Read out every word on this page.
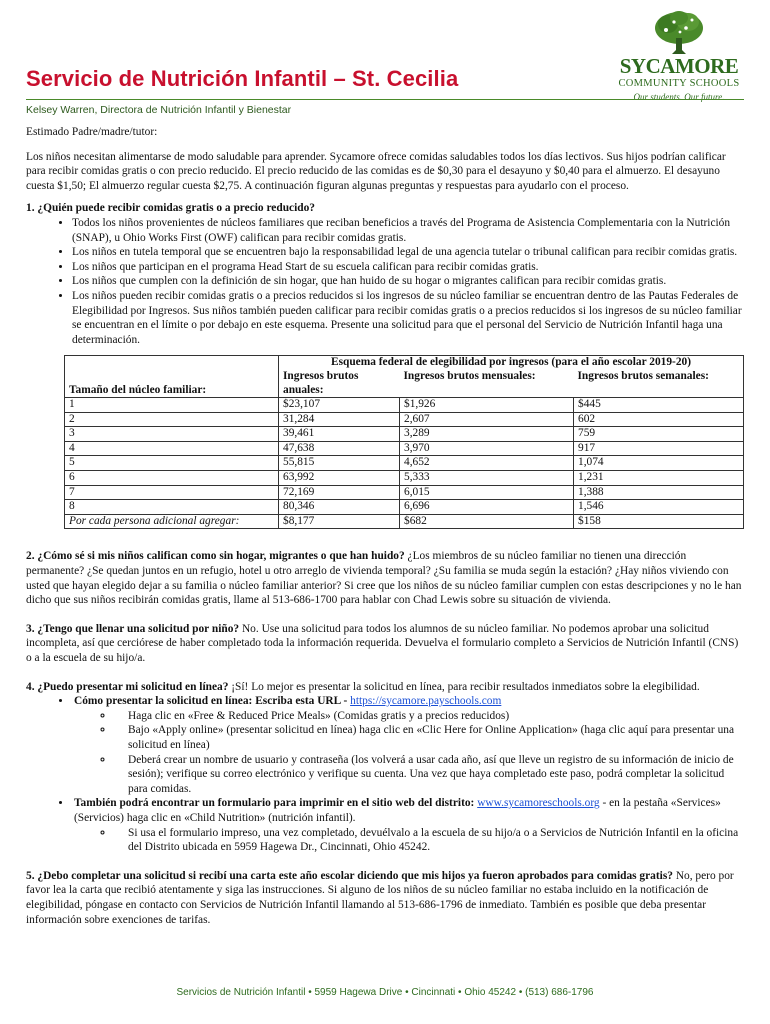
Servicio de Nutrición Infantil – St. Cecilia	SYCAMORE
COMMUNITY SCHOOLS
Our students. Our future.

Kelsey Warren, Directora de Nutrición Infantil y Bienestar

Estimado Padre/madre/tutor:

Los niños necesitan alimentarse de modo saludable para aprender. Sycamore ofrece comidas saludables todos los días lectivos. Sus hijos podrían calificar para recibir comidas gratis o con precio reducido. El precio reducido de las comidas es de $0,30 para el desayuno y $0,40 para el almuerzo. El desayuno cuesta $1,50; El almuerzo regular cuesta $2,75. A continuación figuran algunas preguntas y respuestas para ayudarlo con el proceso.

1. ¿Quién puede recibir comidas gratis o a precio reducido?

• Todos los niños provenientes de núcleos familiares que reciban beneficios a través del Programa de Asistencia Complementaria con la Nutrición (SNAP), u Ohio Works First (OWF) califican para recibir comidas gratis.
• Los niños en tutela temporal que se encuentren bajo la responsabilidad legal de una agencia tutelar o tribunal califican para recibir comidas gratis.
• Los niños que participan en el programa Head Start de su escuela califican para recibir comidas gratis.
• Los niños que cumplen con la definición de sin hogar, que han huido de su hogar o migrantes califican para recibir comidas gratis.
• Los niños pueden recibir comidas gratis o a precios reducidos si los ingresos de su núcleo familiar se encuentran dentro de las Pautas Federales de Elegibilidad por Ingresos. Sus niños también pueden calificar para recibir comidas gratis o a precios reducidos si los ingresos de su núcleo familiar se encuentran en el límite o por debajo en este esquema. Presente una solicitud para que el personal del Servicio de Nutrición Infantil haga una determinación.
Tamaño del núcleo familiar:	Esquema federal de elegibilidad por ingresos (para el año escolar 2019-20)		
	Ingresos brutos anuales:	Ingresos brutos mensuales:	Ingresos brutos semanales:
1	$23,107	$1,926	$445
2	31,284	2,607	602
3	39,461	3,289	759
4	47,638	3,970	917
5	55,815	4,652	1,074
6	63,992	5,333	1,231
7	72,169	6,015	1,388
8	80,346	6,696	1,546
Por cada persona adicional agregar:	$8,177	$682	$158

2. ¿Cómo sé si mis niños califican como sin hogar, migrantes o que han huido? ¿Los miembros de su núcleo familiar no tienen una dirección permanente? ¿Se quedan juntos en un refugio, hotel u otro arreglo de vivienda temporal? ¿Su familia se muda según la estación? ¿Hay niños viviendo con usted que hayan elegido dejar a su familia o núcleo familiar anterior? Si cree que los niños de su núcleo familiar cumplen con estas descripciones y no le han dicho que sus niños recibirán comidas gratis, llame al 513-686-1700 para hablar con Chad Lewis sobre su situación de vivienda.

3. ¿Tengo que llenar una solicitud por niño? No. Use una solicitud para todos los alumnos de su núcleo familiar. No podemos aprobar una solicitud incompleta, así que cerciórese de haber completado toda la información requerida. Devuelva el formulario completo a Servicios de Nutrición Infantil (CNS) o a la escuela de su hijo/a.

4. ¿Puedo presentar mi solicitud en línea? ¡Sí! Lo mejor es presentar la solicitud en línea, para recibir resultados inmediatos sobre la elegibilidad.

• Cómo presentar la solicitud en línea: Escriba esta URL - https://sycamore.payschools.com
◦ Haga clic en «Free & Reduced Price Meals» (Comidas gratis y a precios reducidos)
◦ Bajo «Apply online» (presentar solicitud en línea) haga clic en «Clic Here for Online Application» (haga clic aquí para presentar una solicitud en línea)
◦ Deberá crear un nombre de usuario y contraseña (los volverá a usar cada año, así que lleve un registro de su información de inicio de sesión); verifique su correo electrónico y verifique su cuenta. Una vez que haya completado este paso, podrá completar la solicitud para comidas.
• También podrá encontrar un formulario para imprimir en el sitio web del distrito: www.sycamoreschools.org - en la pestaña «Services» (Servicios) haga clic en «Child Nutrition» (nutrición infantil).
◦ Si usa el formulario impreso, una vez completado, devuélvalo a la escuela de su hijo/a o a Servicios de Nutrición Infantil en la oficina del Distrito ubicada en 5959 Hagewa Dr., Cincinnati, Ohio 45242.

5. ¿Debo completar una solicitud si recibí una carta este año escolar diciendo que mis hijos ya fueron aprobados para comidas gratis? No, pero por favor lea la carta que recibió atentamente y siga las instrucciones. Si alguno de los niños de su núcleo familiar no estaba incluido en la notificación de elegibilidad, póngase en contacto con Servicios de Nutrición Infantil llamando al 513-686-1796 de inmediato. También es posible que deba presentar información sobre exenciones de tarifas.

Servicios de Nutrición Infantil • 5959 Hagewa Drive • Cincinnati • Ohio 45242 • (513) 686-1796
